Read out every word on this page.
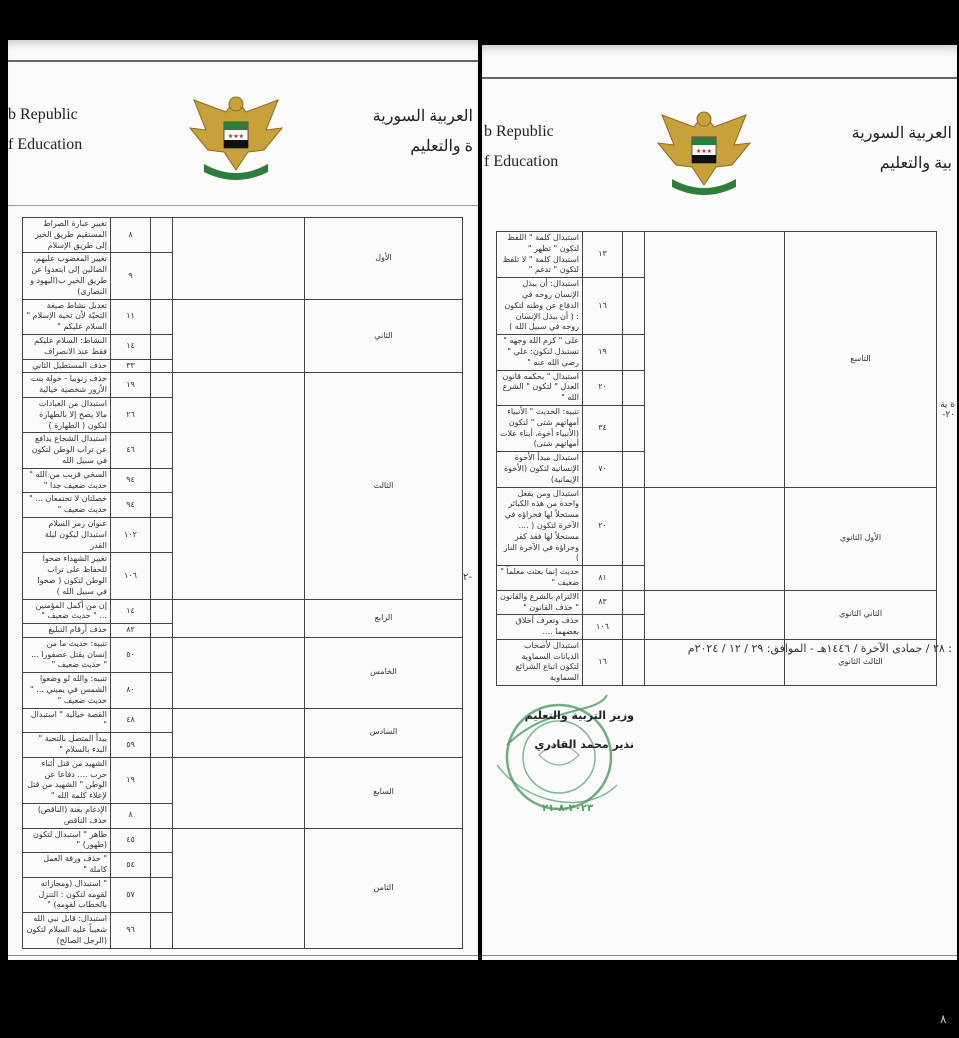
b Republic
f Education
العربية السورية
ة والتعليم
★★★
الأول			٨	تغيير عبارة الصراط المستقيم طريق الخير إلى طريق الإسلام
			٩	تغيير المغضوب عليهم، الضالين إلى ابتعدوا عن طريق الخير ب(اليهود و النصارى)
الثاني			١١	تعديل نشاط صيغة التحيّة لأن تحية الإسلام " السلام عليكم "
			١٤	النشاط: السلام عليكم فقط عند الانصراف
			٣٣	حذف المستطيل الثاني
الثالث			١٩	حذف زنوبيا - خولة بنت الأزور شخصية خيالية
			٢٦	استبدال من العبادات مالا يصح إلا بالطهارة لتكون ( الطهارة )
			٤٦	استبدال الشجاع يدافع عن تراب الوطن لتكون في سبيل الله
			٩٤	السخي قريب من الله " حديث ضعيف جدا "
			٩٤	خصلتان لا تجتمعان ... " حديث ضعيف "
			١٠٢	عنوان رمز السلام استبدال ليكون ليلة القدر
			١٠٦	تغيير الشهداء ضحوا للحفاظ على تراب الوطن لتكون ( ضحوا في سبيل الله )
الرابع			١٤	إن من أكمل المؤمنين ... " حديث ضعيف "
			٨٢	حذف أرقام التبليغ
الخامس			٥٠	تنبيه: حديث ما من إنسان يقتل عصفورا ... " حديث ضعيف "
			٨٠	تنبيه: والله لو وضعوا الشمس في يميني ... " حديث ضعيف "
السادس			٤٨	القصة خيالية " استبدال "
			٥٩	يبدأ المتصل بالتحية " البدء بالسلام "
السابع			١٩	الشهيد من قتل أثناء حرب .... دفاعا عن الوطن " الشهيد من قتل لإعلاء كلمة الله "
			٨	الإدغام بغنة (الناقص) حذف الناقص
الثامن			٤٥	طاهر " استبدال لتكون (طهور) "
			٥٤	" حذف ورقة العمل كاملة "
			٥٧	" استبدال (ومجازاته لقومه لتكون : التنزل بالخطاب لقومه) "
			٩٦	استبدال: قابل نبي الله شعيباً عليه السلام لتكون (الرجل الصالح)
-٢
b Republic
f Education
العربية السورية
بية والتعليم
★★★
التاسع			١٣	استبدال كلمة " اللفظ لتكون " تظهر " استبدال كلمة " لا تلفظ لتكون " تدغم "
			١٦	استبدال: أن يبذل الإنسان روحه في الدفاع عن وطنه لتكون : ( أن يبذل الإنسان روحه في سبيل الله )
			١٩	على " كرم الله وجهه " تستبدل لتكون: علي " رضي الله عنه "
			٢٠	استبدال " بحكمه قانون العدل " لتكون " الشرع الله "
			٣٤	تنبيه: الحديث " الأنبياء أمهاتهم شتى " لتكون (الأنبياء أخوة، أبناء علات أمهاتهم شتى)
			٧٠	استبدال مبدأ الأخوة الإنسانية لتكون (الأخوة الإيمانية)
الأول الثانوي			٢٠	استبدال ومن يفعل واحدة من هذه الكبائر مستحلاً لها فجزاؤه في الآخرة لتكون ( .... مستحلاً لها فقد كفر وجزاؤه في الآخرة النار )
			٨١	حديث إنما بعثت معلماً " ضعيف "
الثاني الثانوي			٨٣	الالتزام بالشرع والقانون " حذف القانون "
			١٠٦	حذف وتعرف أخلاق بعضهما ....
الثالث الثانوي			١٦	استبدال لأصحاب الديانات السماوية لتكون اتباع الشرائع السماوية
ة ية ٢٠-
: ٢٨ / جمادى الآخرة / ١٤٤٦هـ - الموافق: ٢٩ / ١٢ / ٢٠٢٤م
٢٠٢٣-٨-٢١
وزير التربية والتعليم
نذير محمد القادري
٨
